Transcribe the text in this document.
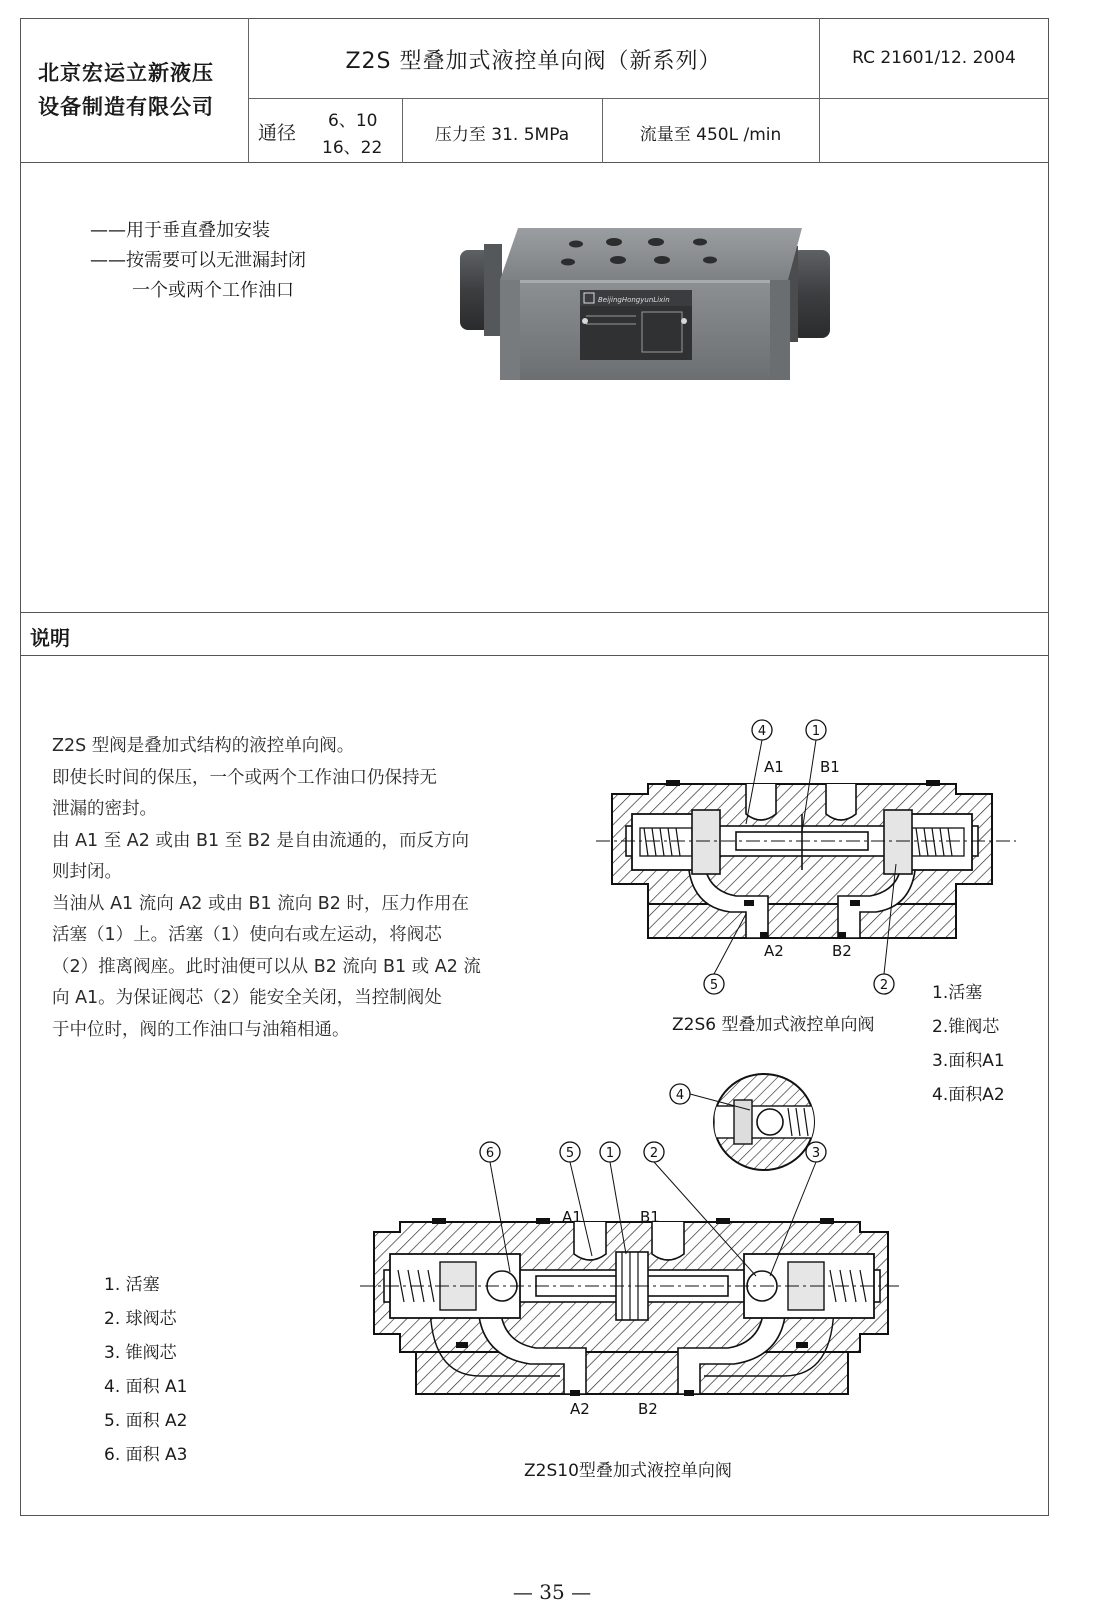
北京宏运立新液压
设备制造有限公司
Z2S 型叠加式液控单向阀（新系列）	RC 21601/12. 2004
通径
6、10
16、22
压力至 31. 5MPa	流量至 450L /min
——用于垂直叠加安装
——按需要可以无泄漏封闭
一个或两个工作油口	BeijingHongyunLixin
说明
Z2S 型阀是叠加式结构的液控单向阀。
即使长时间的保压，一个或两个工作油口仍保持无
泄漏的密封。
由 A1 至 A2 或由 B1 至 B2 是自由流通的，而反方向
则封闭。
当油从 A1 流向 A2 或由 B1 流向 B2 时，压力作用在
活塞（1）上。活塞（1）使向右或左运动，将阀芯
（2）推离阀座。此时油便可以从 B2 流向 B1 或 A2 流
向 A1。为保证阀芯（2）能安全关闭，当控制阀处
于中位时，阀的工作油口与油箱相通。
A1 B1
A2	B2
4	1
5	2
Z2S6 型叠加式液控单向阀
1.活塞
2.锥阀芯
3.面积A1
4.面积A2
4
A1	B1
A2	B2
6	5 1	2	3
Z2S10型叠加式液控单向阀
1. 活塞
2. 球阀芯
3. 锥阀芯
4. 面积 A1
5. 面积 A2
6. 面积 A3
— 35 —
